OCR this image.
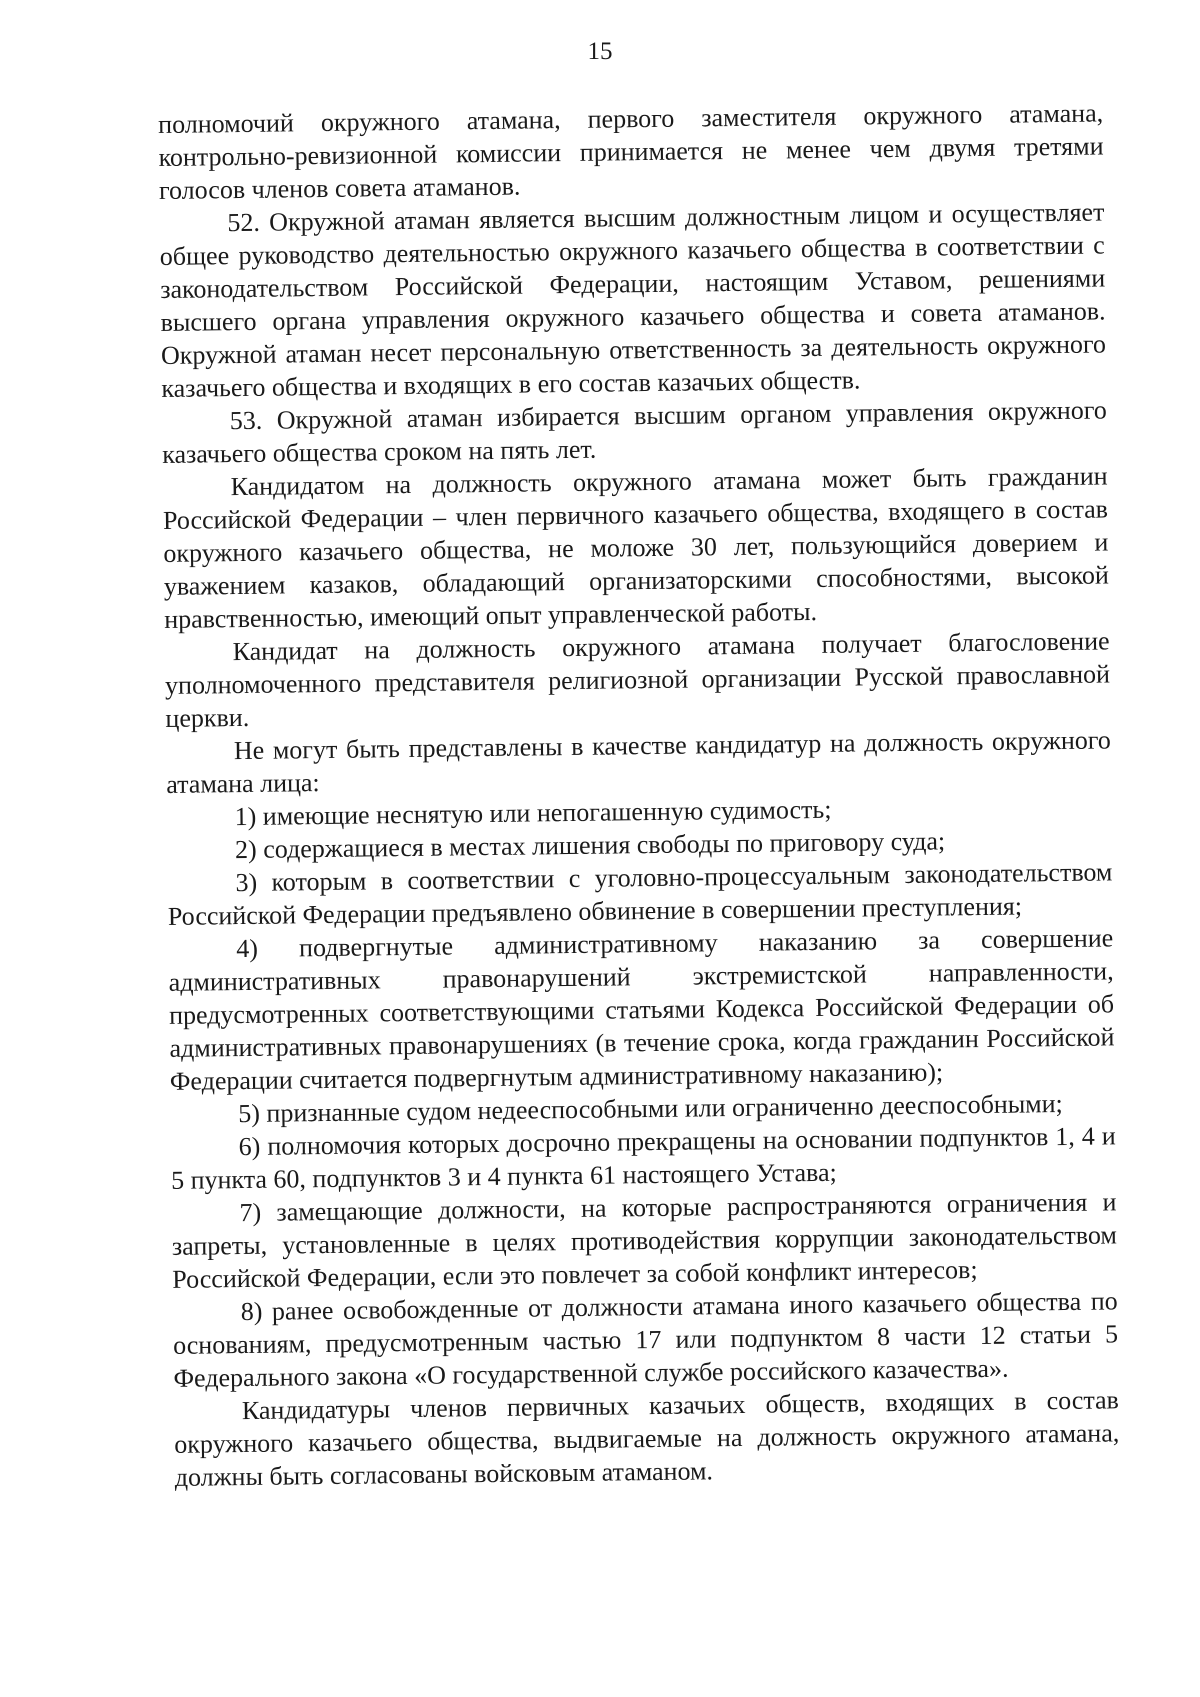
15

полномочий окружного атамана, первого заместителя окружного атамана, контрольно-ревизионной комиссии принимается не менее чем двумя третями голосов членов совета атаманов.

52. Окружной атаман является высшим должностным лицом и осуществляет общее руководство деятельностью окружного казачьего общества в соответствии с законодательством Российской Федерации, настоящим Уставом, решениями высшего органа управления окружного казачьего общества и совета атаманов. Окружной атаман несет персональную ответственность за деятельность окружного казачьего общества и входящих в его состав казачьих обществ.

53. Окружной атаман избирается высшим органом управления окружного казачьего общества сроком на пять лет.

Кандидатом на должность окружного атамана может быть гражданин Российской Федерации – член первичного казачьего общества, входящего в состав окружного казачьего общества, не моложе 30 лет, пользующийся доверием и уважением казаков, обладающий организаторскими способностями, высокой нравственностью, имеющий опыт управленческой работы.

Кандидат на должность окружного атамана получает благословение уполномоченного представителя религиозной организации Русской православной церкви.

Не могут быть представлены в качестве кандидатур на должность окружного атамана лица:

1) имеющие неснятую или непогашенную судимость;

2) содержащиеся в местах лишения свободы по приговору суда;

3) которым в соответствии с уголовно-процессуальным законодательством Российской Федерации предъявлено обвинение в совершении преступления;

4) подвергнутые административному наказанию за совершение административных правонарушений экстремистской направленности, предусмотренных соответствующими статьями Кодекса Российской Федерации об административных правонарушениях (в течение срока, когда гражданин Российской Федерации считается подвергнутым административному наказанию);

5) признанные судом недееспособными или ограниченно дееспособными;

6) полномочия которых досрочно прекращены на основании подпунктов 1, 4 и 5 пункта 60, подпунктов 3 и 4 пункта 61 настоящего Устава;

7) замещающие должности, на которые распространяются ограничения и запреты, установленные в целях противодействия коррупции законодательством Российской Федерации, если это повлечет за собой конфликт интересов;

8) ранее освобожденные от должности атамана иного казачьего общества по основаниям, предусмотренным частью 17 или подпунктом 8 части 12 статьи 5 Федерального закона «О государственной службе российского казачества».

Кандидатуры членов первичных казачьих обществ, входящих в состав окружного казачьего общества, выдвигаемые на должность окружного атамана, должны быть согласованы войсковым атаманом.
